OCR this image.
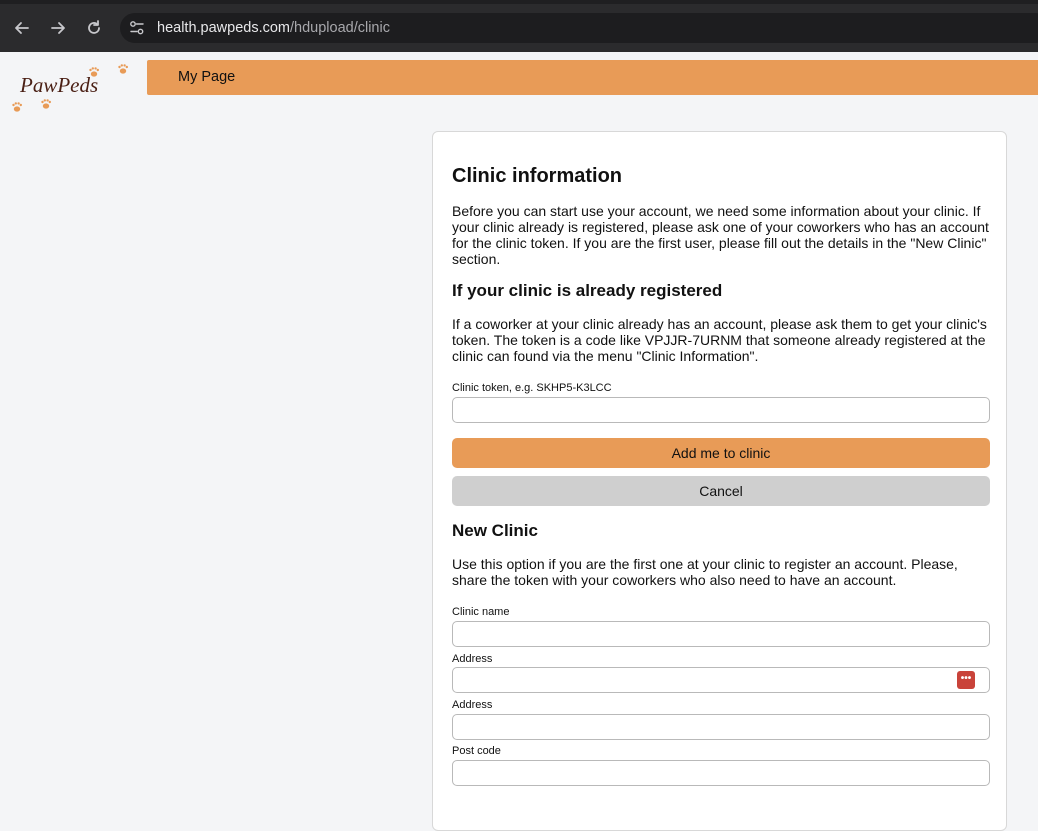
health.pawpeds.com/hdupload/clinic
PawPeds	My Page
Clinic information

Before you can start use your account, we need some information about your clinic. If your clinic already is registered, please ask one of your coworkers who has an account for the clinic token. If you are the first user, please fill out the details in the "New Clinic" section.

If your clinic is already registered

If a coworker at your clinic already has an account, please ask them to get your clinic's token. The token is a code like VPJJR-7URNM that someone already registered at the clinic can found via the menu "Clinic Information".

Clinic token, e.g. SKHP5-K3LCC
Add me to clinic
Cancel
New Clinic

Use this option if you are the first one at your clinic to register an account. Please, share the token with your coworkers who also need to have an account.

Clinic name
Address
•••
Address
Post code
